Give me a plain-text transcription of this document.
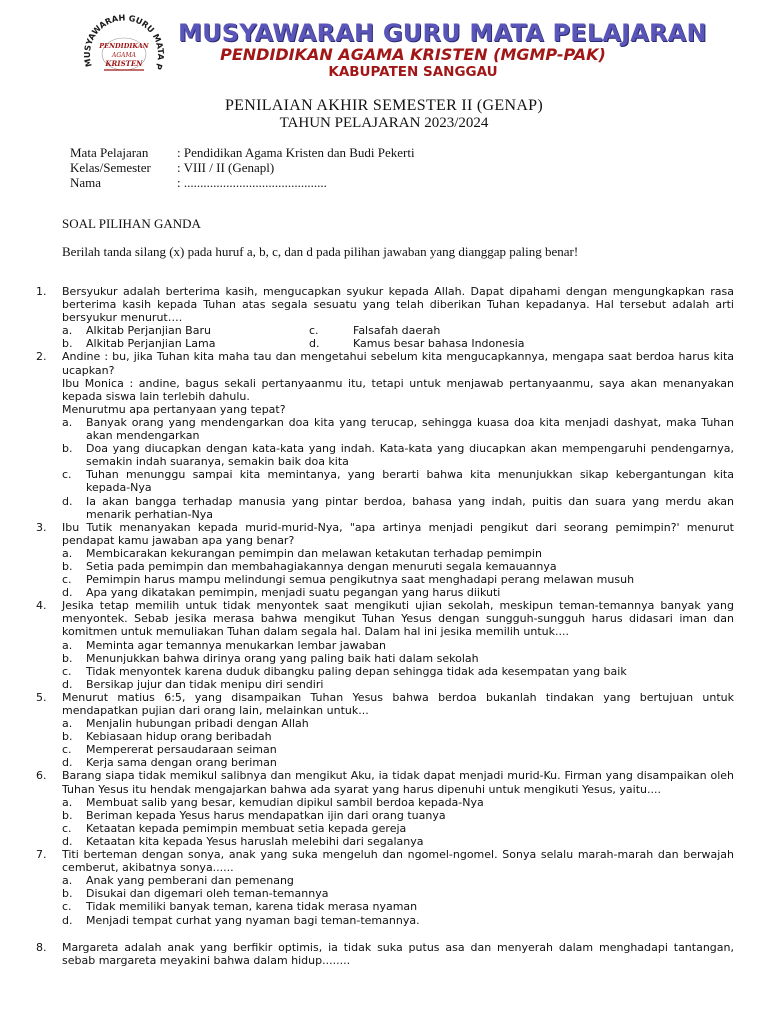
MUSYAWARAH GURU MATA P
PENDIDIKAN
AGAMA
KRISTEN
MUSYAWARAH GURU MATA PELAJARAN
PENDIDIKAN AGAMA KRISTEN (MGMP-PAK)
KABUPATEN SANGGAU
PENILAIAN AKHIR SEMESTER II (GENAP)
TAHUN PELAJARAN 2023/2024
Mata Pelajaran	: Pendidikan Agama Kristen dan Budi Pekerti
Kelas/Semester	: VIII / II (Genapl)
Nama	: ............................................
SOAL PILIHAN GANDA
Berilah tanda silang (x) pada huruf a, b, c, dan d pada pilihan jawaban yang dianggap paling benar!
1.	Bersyukur adalah berterima kasih, mengucapkan syukur kepada Allah. Dapat dipahami dengan mengungkapkan rasa berterima kasih kepada Tuhan atas segala sesuatu yang telah diberikan Tuhan kepadanya. Hal tersebut adalah arti bersyukur menurut….
a.	Alkitab Perjanjian Baru	c.	Falsafah daerah
b.	Alkitab Perjanjian Lama	d.	Kamus besar bahasa Indonesia
2.	Andine : bu, jika Tuhan kita maha tau dan mengetahui sebelum kita mengucapkannya, mengapa saat berdoa harus kita ucapkan?
Ibu Monica : andine, bagus sekali pertanyaanmu itu, tetapi untuk menjawab pertanyaanmu, saya akan menanyakan kepada siswa lain terlebih dahulu.
Menurutmu apa pertanyaan yang tepat?
a.	Banyak orang yang mendengarkan doa kita yang terucap, sehingga kuasa doa kita menjadi dashyat, maka Tuhan akan mendengarkan
b.	Doa yang diucapkan dengan kata-kata yang indah. Kata-kata yang diucapkan akan mempengaruhi pendengarnya, semakin indah suaranya, semakin baik doa kita
c.	Tuhan menunggu sampai kita memintanya, yang berarti bahwa kita menunjukkan sikap kebergantungan kita kepada-Nya
d.	Ia akan bangga terhadap manusia yang pintar berdoa, bahasa yang indah, puitis dan suara yang merdu akan menarik perhatian-Nya
3.	Ibu Tutik menanyakan kepada murid-murid-Nya, "apa artinya menjadi pengikut dari seorang pemimpin?' menurut pendapat kamu jawaban apa yang benar?
a.	Membicarakan kekurangan pemimpin dan melawan ketakutan terhadap pemimpin
b.	Setia pada pemimpin dan membahagiakannya dengan menuruti segala kemauannya
c.	Pemimpin harus mampu melindungi semua pengikutnya saat menghadapi perang melawan musuh
d.	Apa yang dikatakan pemimpin, menjadi suatu pegangan yang harus diikuti
4.	Jesika tetap memilih untuk tidak menyontek saat mengikuti ujian sekolah, meskipun teman-temannya banyak yang menyontek. Sebab jesika merasa bahwa mengikut Tuhan Yesus dengan sungguh-sungguh harus didasari iman dan komitmen untuk memuliakan Tuhan dalam segala hal. Dalam hal ini jesika memilih untuk....
a.	Meminta agar temannya menukarkan lembar jawaban
b.	Menunjukkan bahwa dirinya orang yang paling baik hati dalam sekolah
c.	Tidak menyontek karena duduk dibangku paling depan sehingga tidak ada kesempatan yang baik
d.	Bersikap jujur dan tidak menipu diri sendiri
5.	Menurut matius 6:5, yang disampaikan Tuhan Yesus bahwa berdoa bukanlah tindakan yang bertujuan untuk mendapatkan pujian dari orang lain, melainkan untuk...
a.	Menjalin hubungan pribadi dengan Allah
b.	Kebiasaan hidup orang beribadah
c.	Mempererat persaudaraan seiman
d.	Kerja sama dengan orang beriman
6.	Barang siapa tidak memikul salibnya dan mengikut Aku, ia tidak dapat menjadi murid-Ku. Firman yang disampaikan oleh Tuhan Yesus itu hendak mengajarkan bahwa ada syarat yang harus dipenuhi untuk mengikuti Yesus, yaitu....
a.	Membuat salib yang besar, kemudian dipikul sambil berdoa kepada-Nya
b.	Beriman kepada Yesus harus mendapatkan ijin dari orang tuanya
c.	Ketaatan kepada pemimpin membuat setia kepada gereja
d.	Ketaatan kita kepada Yesus haruslah melebihi dari segalanya
7.	Titi berteman dengan sonya, anak yang suka mengeluh dan ngomel-ngomel. Sonya selalu marah-marah dan berwajah cemberut, akibatnya sonya......
a.	Anak yang pemberani dan pemenang
b.	Disukai dan digemari oleh teman-temannya
c.	Tidak memiliki banyak teman, karena tidak merasa nyaman
d.	Menjadi tempat curhat yang nyaman bagi teman-temannya.
8.	Margareta adalah anak yang berfikir optimis, ia tidak suka putus asa dan menyerah dalam menghadapi tantangan, sebab margareta meyakini bahwa dalam hidup........
